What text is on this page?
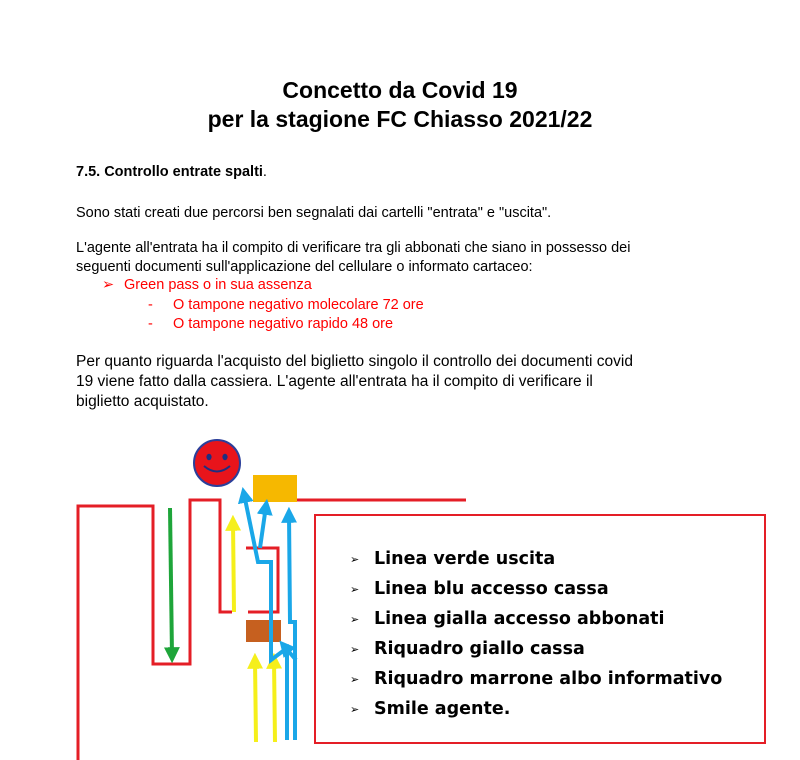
Concetto da Covid 19
per la stagione FC Chiasso 2021/22
7.5. Controllo entrate spalti.
Sono stati creati due percorsi ben segnalati dai cartelli "entrata" e "uscita".
L'agente all'entrata ha il compito di verificare tra gli abbonati che siano in possesso dei
seguenti documenti sull'applicazione del cellulare o informato cartaceo:
➢ Green pass o in sua assenza
- O tampone negativo molecolare 72 ore
- O tampone negativo rapido 48 ore
Per quanto riguarda l'acquisto del biglietto singolo il controllo dei documenti covid
19 viene fatto dalla cassiera. L'agente all'entrata ha il compito di verificare il
biglietto acquistato.
➢ Linea verde uscita
➢ Linea blu accesso cassa
➢ Linea gialla accesso abbonati
➢ Riquadro giallo cassa
➢ Riquadro marrone albo informativo
➢ Smile agente.
